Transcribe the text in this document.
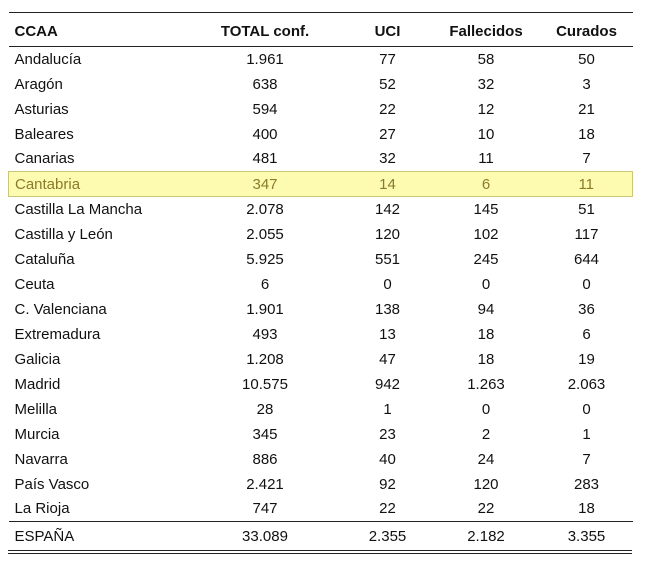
CCAA	TOTAL conf.	UCI	Fallecidos	Curados
Andalucía	1.961	77	58	50
Aragón	638	52	32	3
Asturias	594	22	12	21
Baleares	400	27	10	18
Canarias	481	32	11	7
Cantabria	347	14	6	11
Castilla La Mancha	2.078	142	145	51
Castilla y León	2.055	120	102	117
Cataluña	5.925	551	245	644
Ceuta	6	0	0	0
C. Valenciana	1.901	138	94	36
Extremadura	493	13	18	6
Galicia	1.208	47	18	19
Madrid	10.575	942	1.263	2.063
Melilla	28	1	0	0
Murcia	345	23	2	1
Navarra	886	40	24	7
País Vasco	2.421	92	120	283
La Rioja	747	22	22	18
ESPAÑA	33.089	2.355	2.182	3.355
